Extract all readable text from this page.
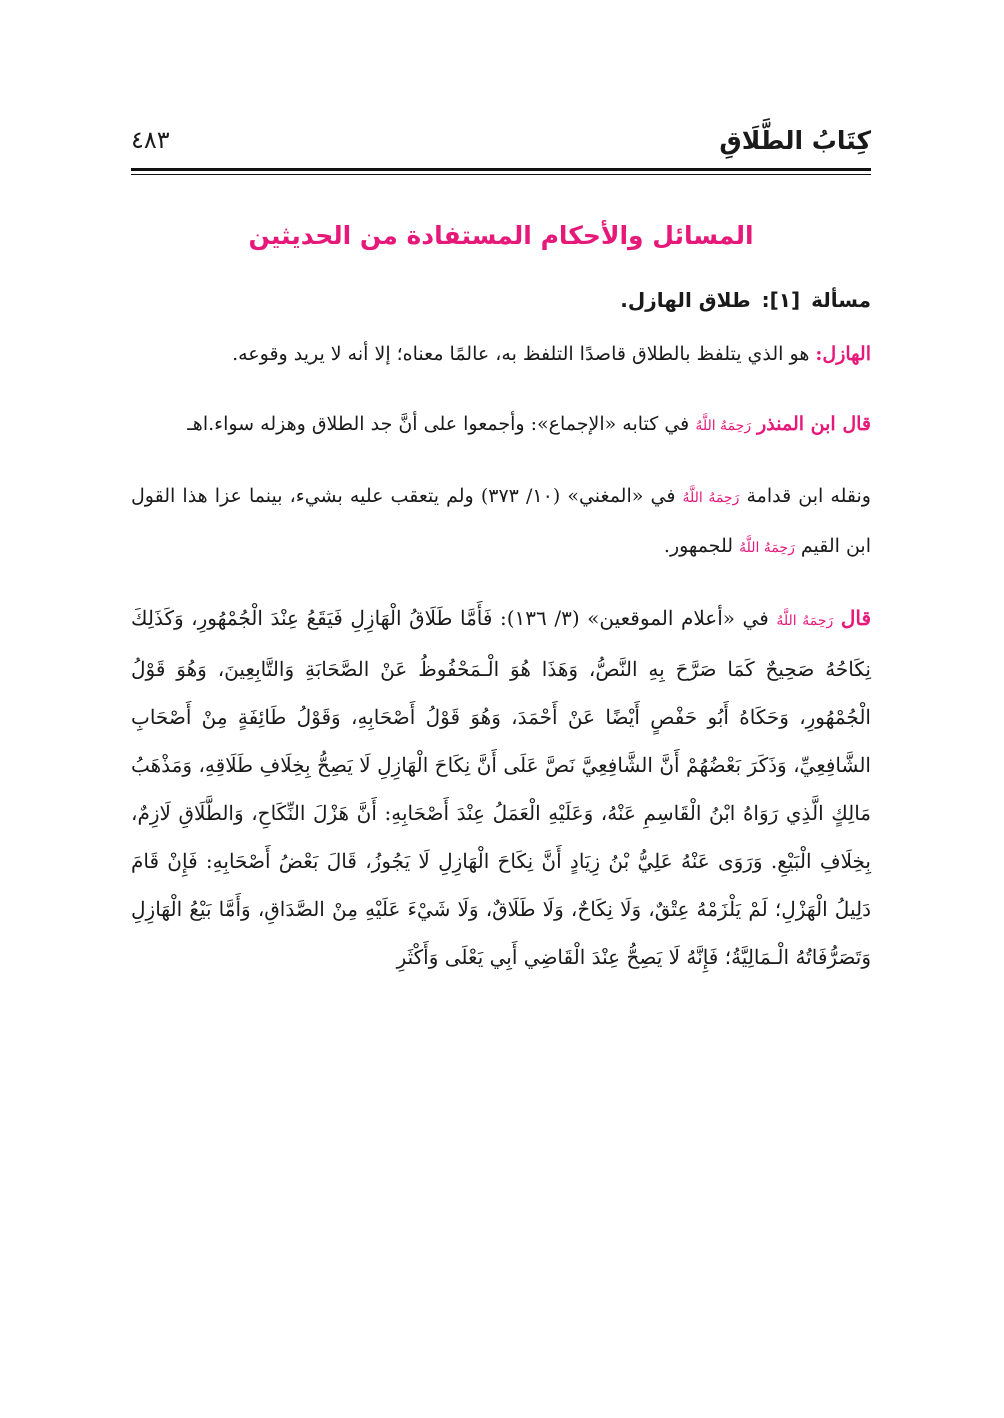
كِتَابُ الطَّلَاقِ
٤٨٣
المسائل والأحكام المستفادة من الحديثين
مسألة [١]: طلاق الهازل.

الهازل: هو الذي يتلفظ بالطلاق قاصدًا التلفظ به، عالمًا معناه؛ إلا أنه لا يريد وقوعه.

قال ابن المنذر رَحِمَهُ اللَّهُ في كتابه «الإجماع»: وأجمعوا على أنَّ جد الطلاق وهزله سواء.اهـ

ونقله ابن قدامة رَحِمَهُ اللَّهُ في «المغني» (١٠/ ٣٧٣) ولم يتعقب عليه بشيء، بينما عزا هذا القول ابن القيم رَحِمَهُ اللَّهُ للجمهور.

قال رَحِمَهُ اللَّهُ في «أعلام الموقعين» (٣/ ١٣٦): فَأَمَّا طَلَاقُ الْهَازِلِ فَيَقَعُ عِنْدَ الْجُمْهُورِ، وَكَذَلِكَ نِكَاحُهُ صَحِيحٌ كَمَا صَرَّحَ بِهِ النَّصُّ، وَهَذَا هُوَ الْـمَحْفُوظُ عَنْ الصَّحَابَةِ وَالتَّابِعِينَ، وَهُوَ قَوْلُ الْجُمْهُورِ، وَحَكَاهُ أَبُو حَفْصٍ أَيْضًا عَنْ أَحْمَدَ، وَهُوَ قَوْلُ أَصْحَابِهِ، وَقَوْلُ طَائِفَةٍ مِنْ أَصْحَابِ الشَّافِعِيِّ، وَذَكَرَ بَعْضُهُمْ أَنَّ الشَّافِعِيَّ نَصَّ عَلَى أَنَّ نِكَاحَ الْهَازِلِ لَا يَصِحُّ بِخِلَافِ طَلَاقِهِ، وَمَذْهَبُ مَالِكٍ الَّذِي رَوَاهُ ابْنُ الْقَاسِمِ عَنْهُ، وَعَلَيْهِ الْعَمَلُ عِنْدَ أَصْحَابِهِ: أَنَّ هَزْلَ النِّكَاحِ، وَالطَّلَاقِ لَازِمٌ، بِخِلَافِ الْبَيْعِ. وَرَوَى عَنْهُ عَلِيُّ بْنُ زِيَادٍ أَنَّ نِكَاحَ الْهَازِلِ لَا يَجُوزُ، قَالَ بَعْضُ أَصْحَابِهِ: فَإِنْ قَامَ دَلِيلُ الْهَزْلِ؛ لَمْ يَلْزَمْهُ عِتْقٌ، وَلَا نِكَاحٌ، وَلَا طَلَاقٌ، وَلَا شَيْءَ عَلَيْهِ مِنْ الصَّدَاقِ، وَأَمَّا بَيْعُ الْهَازِلِ وَتَصَرُّفَاتُهُ الْـمَالِيَّةُ؛ فَإِنَّهُ لَا يَصِحُّ عِنْدَ الْقَاضِي أَبِي يَعْلَى وَأَكْثَرِ
